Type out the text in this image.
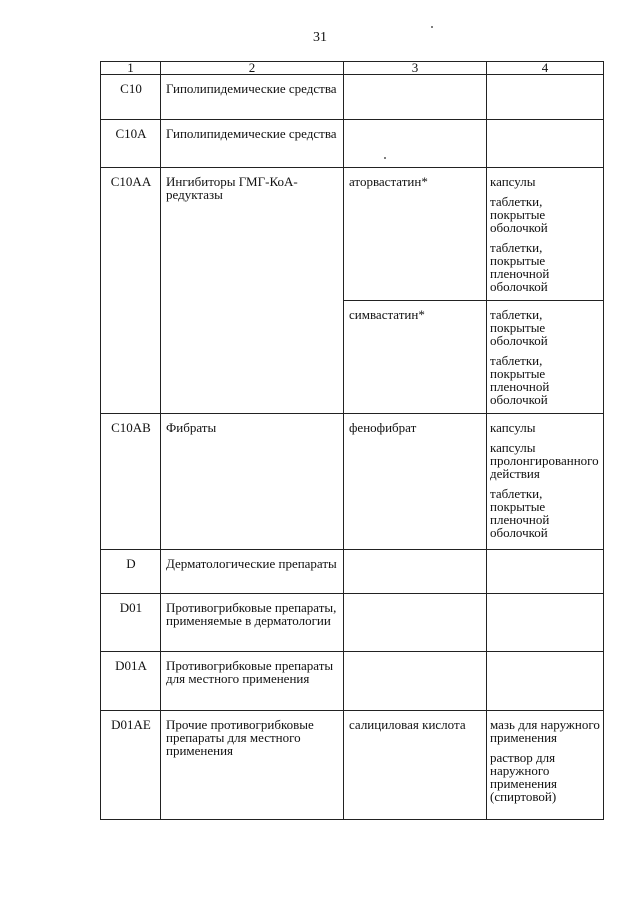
31
1	2	3	4

C10	Гиполипидемические средства		

C10A	Гиполипидемические средства		

C10AA	Ингибиторы ГМГ-КоА-редуктазы	аторвастатин*	капсулы
таблетки, покрытые оболочкой
таблетки, покрытые пленочной оболочкой

		симвастатин*	таблетки, покрытые оболочкой
таблетки, покрытые пленочной оболочкой

C10AB	Фибраты	фенофибрат	капсулы
капсулы пролонгированного действия
таблетки, покрытые пленочной оболочкой

D	Дерматологические препараты		

D01	Противогрибковые препараты, применяемые в дерматологии		

D01A	Противогрибковые препараты для местного применения		

D01AE	Прочие противогрибковые препараты для местного применения	салициловая кислота	мазь для наружного применения
раствор для наружного применения (спиртовой)
